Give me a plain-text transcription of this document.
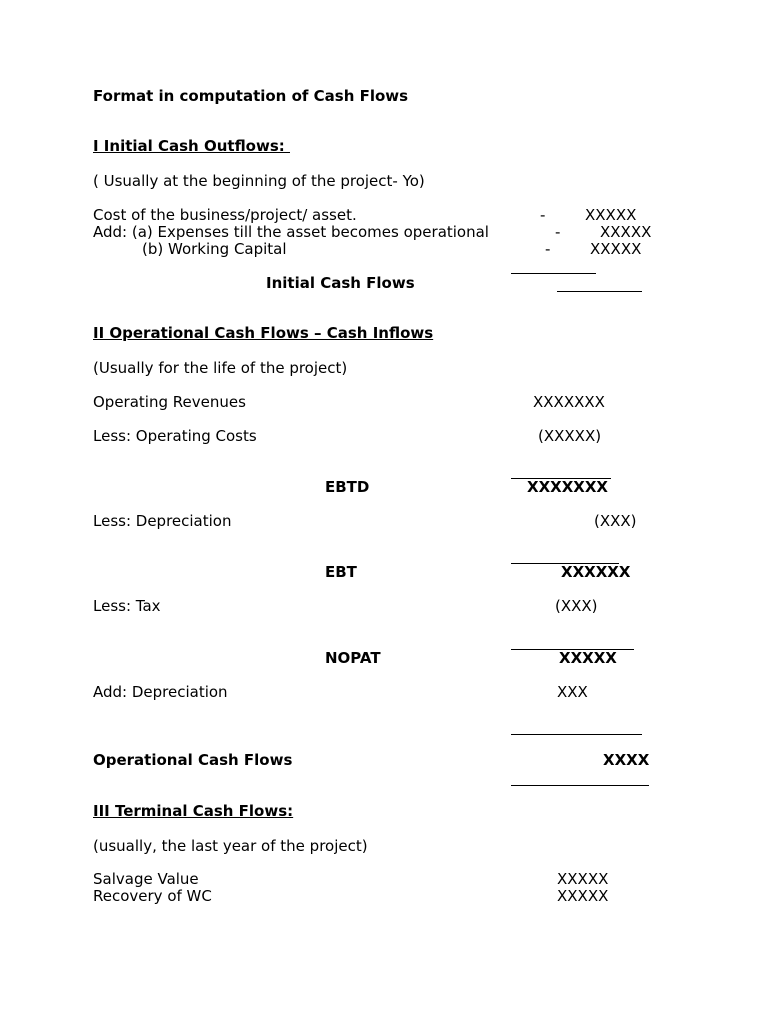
Format in computation of Cash Flows
I Initial Cash Outflows:
( Usually at the beginning of the project- Yo)
Cost of the business/project/ asset.	-	XXXXX
Add: (a) Expenses till the asset becomes operational	-	XXXXX
(b) Working Capital	-	XXXXX
Initial Cash Flows
II Operational Cash Flows – Cash Inflows
(Usually for the life of the project)
Operating Revenues	XXXXXXX
Less: Operating Costs	(XXXXX)
EBTD	XXXXXXX
Less: Depreciation	(XXX)
EBT	XXXXXX
Less: Tax	(XXX)
NOPAT	XXXXX
Add: Depreciation	XXX
Operational Cash Flows	XXXX
III Terminal Cash Flows:
(usually, the last year of the project)
Salvage Value	XXXXX
Recovery of WC	XXXXX
